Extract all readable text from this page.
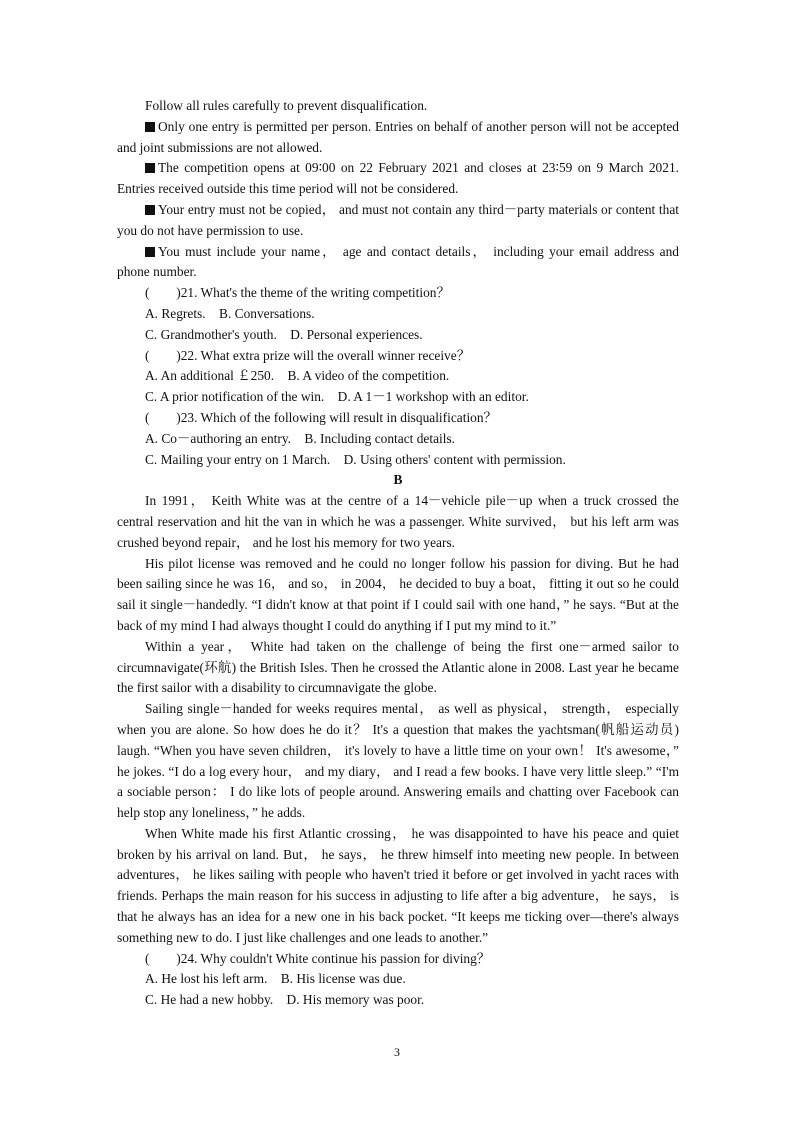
Follow all rules carefully to prevent disqualification.

Only one entry is permitted per person. Entries on behalf of another person will not be accepted and joint submissions are not allowed.

The competition opens at 09∶00 on 22 February 2021 and closes at 23∶59 on 9 March 2021. Entries received outside this time period will not be considered.

Your entry must not be copied， and must not contain any third－party materials or content that you do not have permission to use.

You must include your name， age and contact details， including your email address and phone number.

(　　)21. What's the theme of the writing competition？

A. Regrets.　B. Conversations.

C. Grandmother's youth.　D. Personal experiences.

(　　)22. What extra prize will the overall winner receive？

A. An additional ￡250.　B. A video of the competition.

C. A prior notification of the win.　D. A 1－1 workshop with an editor.

(　　)23. Which of the following will result in disqualification？

A. Co－authoring an entry.　B. Including contact details.

C. Mailing your entry on 1 March.　D. Using others' content with permission.

B

In 1991， Keith White was at the centre of a 14－vehicle pile－up when a truck crossed the central reservation and hit the van in which he was a passenger. White survived， but his left arm was crushed beyond repair， and he lost his memory for two years.

His pilot license was removed and he could no longer follow his passion for diving. But he had been sailing since he was 16， and so， in 2004， he decided to buy a boat， fitting it out so he could sail it single－handedly. “I didn't know at that point if I could sail with one hand，” he says. “But at the back of my mind I had always thought I could do anything if I put my mind to it.”

Within a year， White had taken on the challenge of being the first one－armed sailor to circumnavigate(环航) the British Isles. Then he crossed the Atlantic alone in 2008. Last year he became the first sailor with a disability to circumnavigate the globe.

Sailing single－handed for weeks requires mental， as well as physical， strength， especially when you are alone. So how does he do it？ It's a question that makes the yachtsman(帆船运动员) laugh. “When you have seven children， it's lovely to have a little time on your own！ It's awesome，” he jokes. “I do a log every hour， and my diary， and I read a few books. I have very little sleep.” “I'm a sociable person： I do like lots of people around. Answering emails and chatting over Facebook can help stop any loneliness，” he adds.

When White made his first Atlantic crossing， he was disappointed to have his peace and quiet broken by his arrival on land. But， he says， he threw himself into meeting new people. In between adventures， he likes sailing with people who haven't tried it before or get involved in yacht races with friends. Perhaps the main reason for his success in adjusting to life after a big adventure， he says， is that he always has an idea for a new one in his back pocket. “It keeps me ticking over—there's always something new to do. I just like challenges and one leads to another.”

(　　)24. Why couldn't White continue his passion for diving？

A. He lost his left arm.　B. His license was due.

C. He had a new hobby.　D. His memory was poor.

3
